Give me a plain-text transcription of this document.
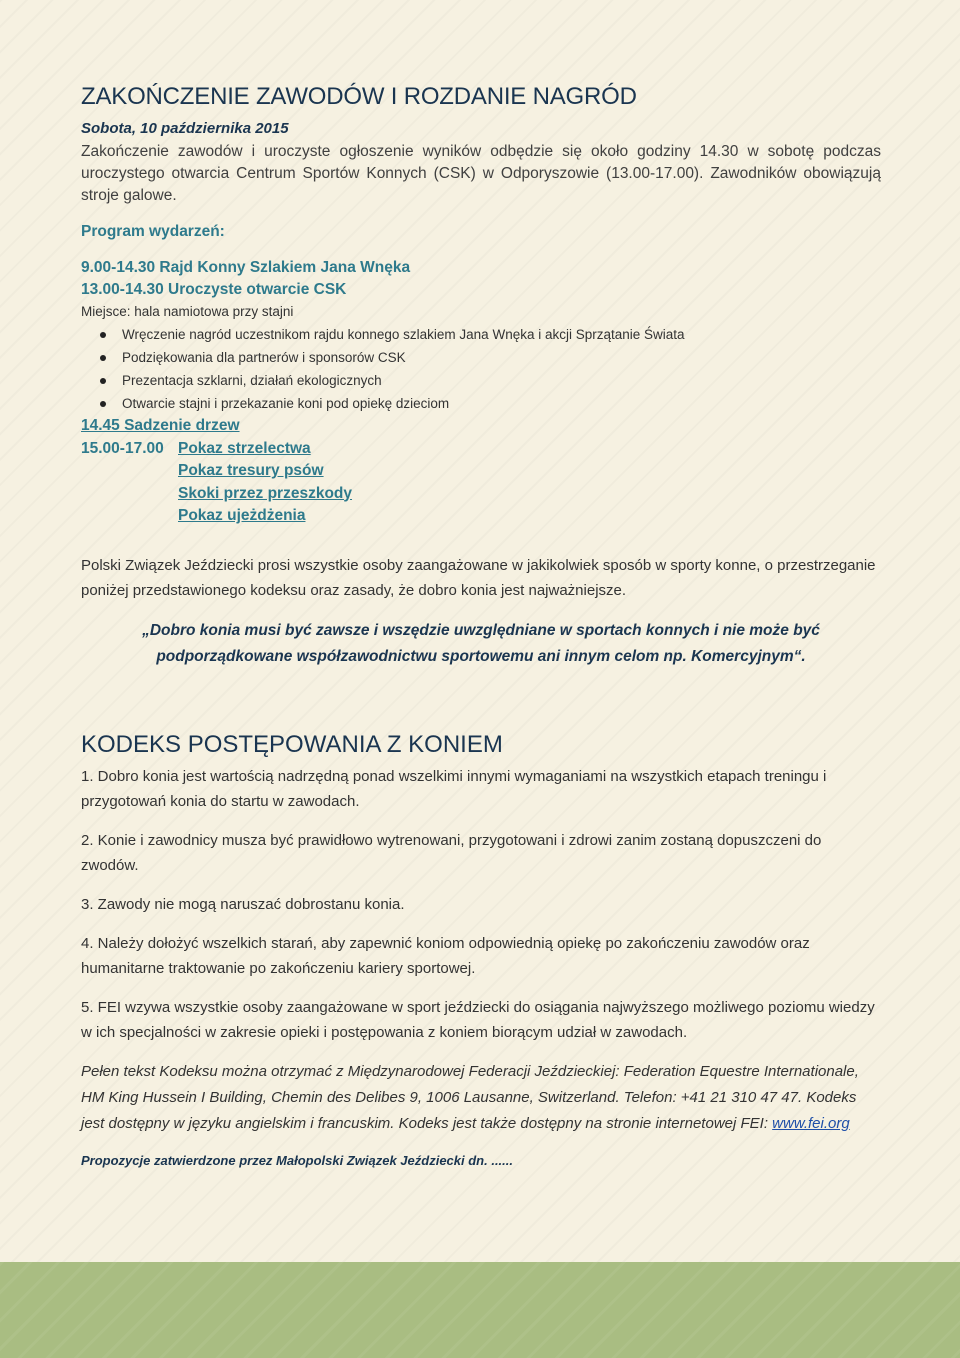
ZAKOŃCZENIE ZAWODÓW I ROZDANIE NAGRÓD
Sobota, 10 października 2015

Zakończenie zawodów i uroczyste ogłoszenie wyników odbędzie się około godziny 14.30 w sobotę podczas uroczystego otwarcia Centrum Sportów Konnych (CSK) w Odporyszowie (13.00-17.00). Zawodników obowiązują stroje galowe.

Program wydarzeń:
9.00-14.30 Rajd Konny Szlakiem Jana Wnęka
13.00-14.30 Uroczyste otwarcie CSK
Miejsce: hala namiotowa przy stajni
Wręczenie nagród uczestnikom rajdu konnego szlakiem Jana Wnęka i akcji Sprzątanie Świata
Podziękowania dla partnerów i sponsorów CSK
Prezentacja szklarni, działań ekologicznych
Otwarcie stajni i przekazanie koni pod opiekę dzieciom
14.45 Sadzenie drzew
15.00-17.00 Pokaz strzelectwa
Pokaz tresury psów
Skoki przez przeszkody
Pokaz ujeżdżenia

Polski Związek Jeździecki prosi wszystkie osoby zaangażowane w jakikolwiek sposób w sporty konne, o przestrzeganie poniżej przedstawionego kodeksu oraz zasady, że dobro konia jest najważniejsze.

„Dobro konia musi być zawsze i wszędzie uwzględniane w sportach konnych i nie może być
podporządkowane współzawodnictwu sportowemu ani innym celom np. Komercyjnym“.
KODEKS POSTĘPOWANIA Z KONIEM
1. Dobro konia jest wartością nadrzędną ponad wszelkimi innymi wymaganiami na wszystkich etapach treningu i przygotowań konia do startu w zawodach.
2. Konie i zawodnicy musza być prawidłowo wytrenowani, przygotowani i zdrowi zanim zostaną dopuszczeni do zwodów.
3. Zawody nie mogą naruszać dobrostanu konia.
4. Należy dołożyć wszelkich starań, aby zapewnić koniom odpowiednią opiekę po zakończeniu zawodów oraz humanitarne traktowanie po zakończeniu kariery sportowej.
5. FEI wzywa wszystkie osoby zaangażowane w sport jeździecki do osiągania najwyższego możliwego poziomu wiedzy w ich specjalności w zakresie opieki i postępowania z koniem biorącym udział w zawodach.
Pełen tekst Kodeksu można otrzymać z Międzynarodowej Federacji Jeździeckiej: Federation Equestre Internationale, HM King Hussein I Building, Chemin des Delibes 9, 1006 Lausanne, Switzerland. Telefon: +41 21 310 47 47. Kodeks jest dostępny w języku angielskim i francuskim. Kodeks jest także dostępny na stronie internetowej FEI: www.fei.org
Propozycje zatwierdzone przez Małopolski Związek Jeździecki dn. ......
